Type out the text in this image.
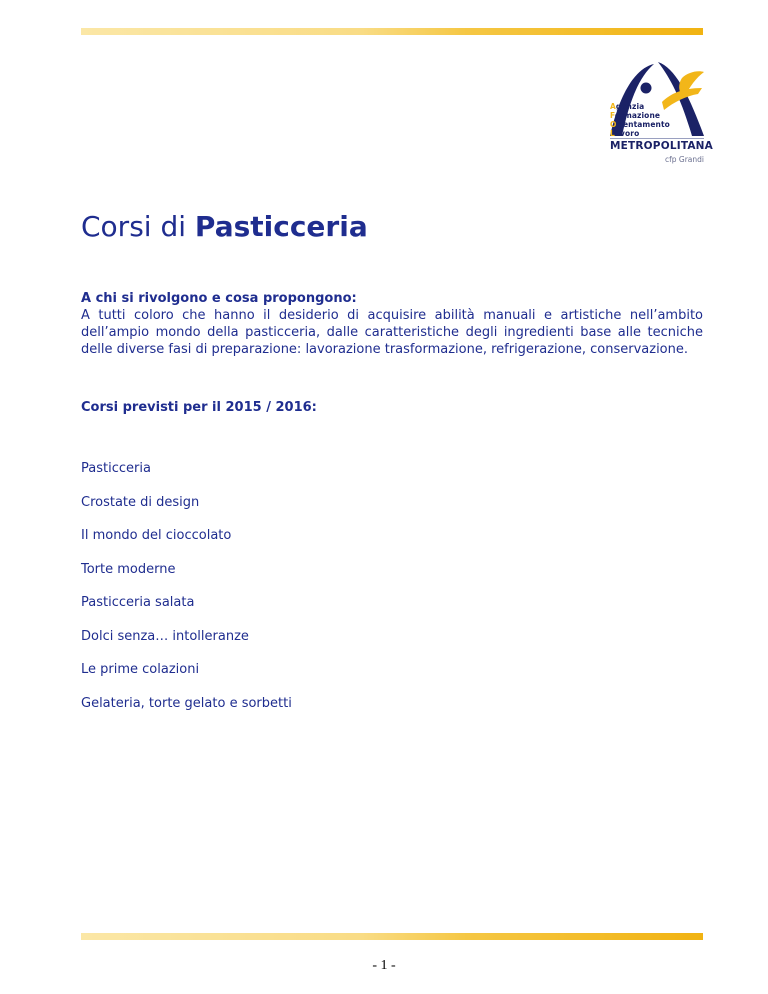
Agenzia
Formazione
Orientamento
Lavoro
METROPOLITANA
cfp Grandi
Corsi di Pasticceria
A chi si rivolgono e cosa propongono:
A tutti coloro che hanno il desiderio di acquisire abilità manuali e artistiche nell’ambito dell’ampio mondo della pasticceria, dalle caratteristiche degli ingredienti base alle tecniche delle diverse fasi di preparazione: lavorazione trasformazione, refrigerazione, conservazione.
Corsi previsti per il 2015 / 2016:
Pasticceria
Crostate di design
Il mondo del cioccolato
Torte moderne
Pasticceria salata
Dolci senza… intolleranze
Le prime colazioni
Gelateria, torte gelato e sorbetti
- 1 -
